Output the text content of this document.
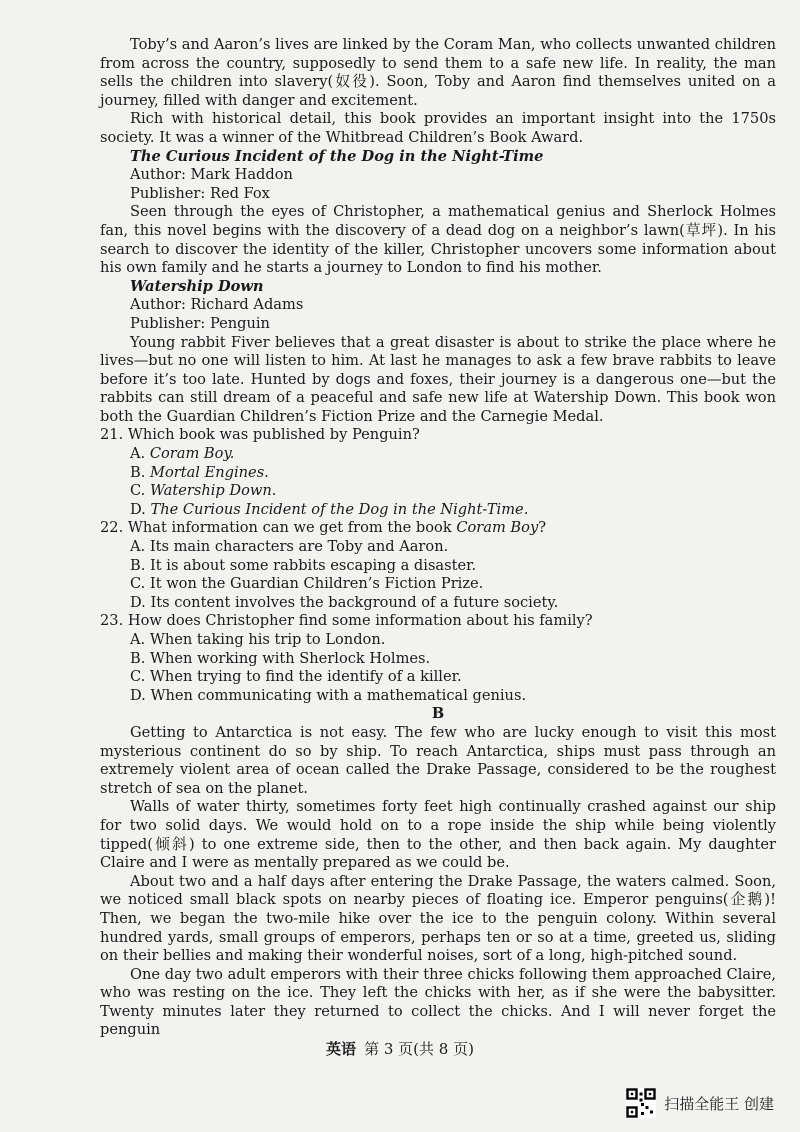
Toby’s and Aaron’s lives are linked by the Coram Man, who collects unwanted children from across the country, supposedly to send them to a safe new life. In reality, the man sells the children into slavery(奴役). Soon, Toby and Aaron find themselves united on a journey, filled with danger and excitement.

Rich with historical detail, this book provides an important insight into the 1750s society. It was a winner of the Whitbread Children’s Book Award.

The Curious Incident of the Dog in the Night-Time

Author: Mark Haddon

Publisher: Red Fox

Seen through the eyes of Christopher, a mathematical genius and Sherlock Holmes fan, this novel begins with the discovery of a dead dog on a neighbor’s lawn(草坪). In his search to discover the identity of the killer, Christopher uncovers some information about his own family and he starts a journey to London to find his mother.

Watership Down

Author: Richard Adams

Publisher: Penguin

Young rabbit Fiver believes that a great disaster is about to strike the place where he lives—but no one will listen to him. At last he manages to ask a few brave rabbits to leave before it’s too late. Hunted by dogs and foxes, their journey is a dangerous one—but the rabbits can still dream of a peaceful and safe new life at Watership Down. This book won both the Guardian Children’s Fiction Prize and the Carnegie Medal.

21. Which book was published by Penguin?

A. Coram Boy.

B. Mortal Engines.

C. Watership Down.

D. The Curious Incident of the Dog in the Night-Time.

22. What information can we get from the book Coram Boy?

A. Its main characters are Toby and Aaron.

B. It is about some rabbits escaping a disaster.

C. It won the Guardian Children’s Fiction Prize.

D. Its content involves the background of a future society.

23. How does Christopher find some information about his family?

A. When taking his trip to London.

B. When working with Sherlock Holmes.

C. When trying to find the identify of a killer.

D. When communicating with a mathematical genius.

B

Getting to Antarctica is not easy. The few who are lucky enough to visit this most mysterious continent do so by ship. To reach Antarctica, ships must pass through an extremely violent area of ocean called the Drake Passage, considered to be the roughest stretch of sea on the planet.

Walls of water thirty, sometimes forty feet high continually crashed against our ship for two solid days. We would hold on to a rope inside the ship while being violently tipped(倾斜) to one extreme side, then to the other, and then back again. My daughter Claire and I were as mentally prepared as we could be.

About two and a half days after entering the Drake Passage, the waters calmed. Soon, we noticed small black spots on nearby pieces of floating ice. Emperor penguins(企鹅)! Then, we began the two-mile hike over the ice to the penguin colony. Within several hundred yards, small groups of emperors, perhaps ten or so at a time, greeted us, sliding on their bellies and making their wonderful noises, sort of a long, high-pitched sound.

One day two adult emperors with their three chicks following them approached Claire, who was resting on the ice. They left the chicks with her, as if she were the babysitter. Twenty minutes later they returned to collect the chicks. And I will never forget the penguin

英语 第 3 页(共 8 页)
扫描全能王 创建
